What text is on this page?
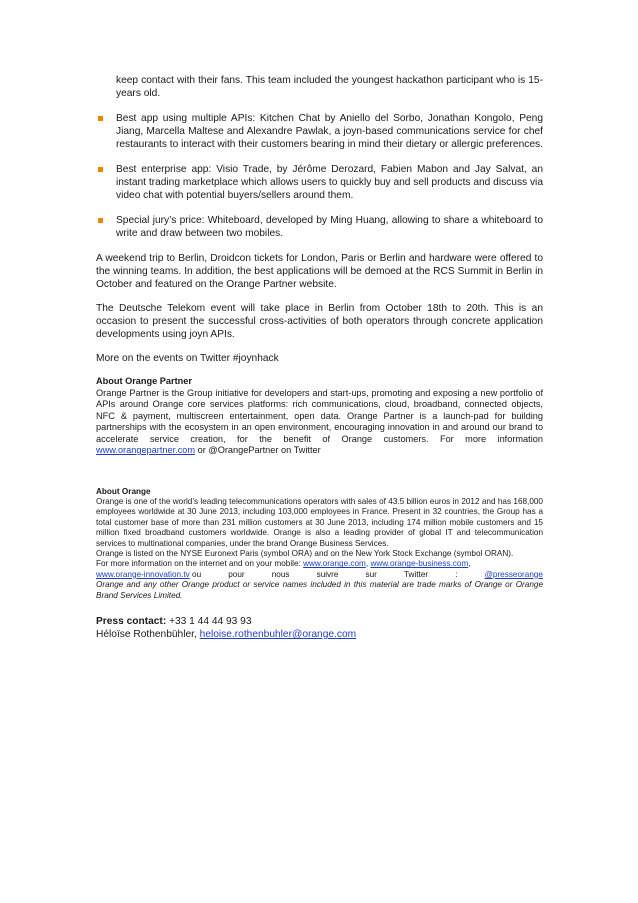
keep contact with their fans. This team included the youngest hackathon participant who is 15-years old.

Best app using multiple APIs: Kitchen Chat by Aniello del Sorbo, Jonathan Kongolo, Peng Jiang, Marcella Maltese and Alexandre Pawlak, a joyn-based communications service for chef restaurants to interact with their customers bearing in mind their dietary or allergic preferences.

Best enterprise app: Visio Trade, by Jérôme Derozard, Fabien Mabon and Jay Salvat, an instant trading marketplace which allows users to quickly buy and sell products and discuss via video chat with potential buyers/sellers around them.

Special jury’s price: Whiteboard, developed by Ming Huang, allowing to share a whiteboard to write and draw between two mobiles.

A weekend trip to Berlin, Droidcon tickets for London, Paris or Berlin and hardware were offered to the winning teams. In addition, the best applications will be demoed at the RCS Summit in Berlin in October and featured on the Orange Partner website.

The Deutsche Telekom event will take place in Berlin from October 18th to 20th. This is an occasion to present the successful cross-activities of both operators through concrete application developments using joyn APIs.

More on the events on Twitter #joynhack

About Orange Partner

Orange Partner is the Group initiative for developers and start-ups, promoting and exposing a new portfolio of APIs around Orange core services platforms: rich communications, cloud, broadband, connected objects, NFC & payment, multiscreen entertainment, open data. Orange Partner is a launch-pad for building partnerships with the ecosystem in an open environment, encouraging innovation in and around our brand to accelerate service creation, for the benefit of Orange customers. For more information www.orangepartner.com or @OrangePartner on Twitter

About Orange

Orange is one of the world’s leading telecommunications operators with sales of 43.5 billion euros in 2012 and has 168,000 employees worldwide at 30 June 2013, including 103,000 employees in France. Present in 32 countries, the Group has a total customer base of more than 231 million customers at 30 June 2013, including 174 million mobile customers and 15 million fixed broadband customers worldwide. Orange is also a leading provider of global IT and telecommunication services to multinational companies, under the brand Orange Business Services.

Orange is listed on the NYSE Euronext Paris (symbol ORA) and on the New York Stock Exchange (symbol ORAN).

For more information on the internet and on your mobile: www.orange.com, www.orange-business.com,

www.orange-innovation.tv ou	pour	nous	suivre	sur	Twitter	:	@presseorange

Orange and any other Orange product or service names included in this material are trade marks of Orange or Orange Brand Services Limited.

Press contact: +33 1 44 44 93 93
Héloïse Rothenbühler, heloise.rothenbuhler@orange.com
